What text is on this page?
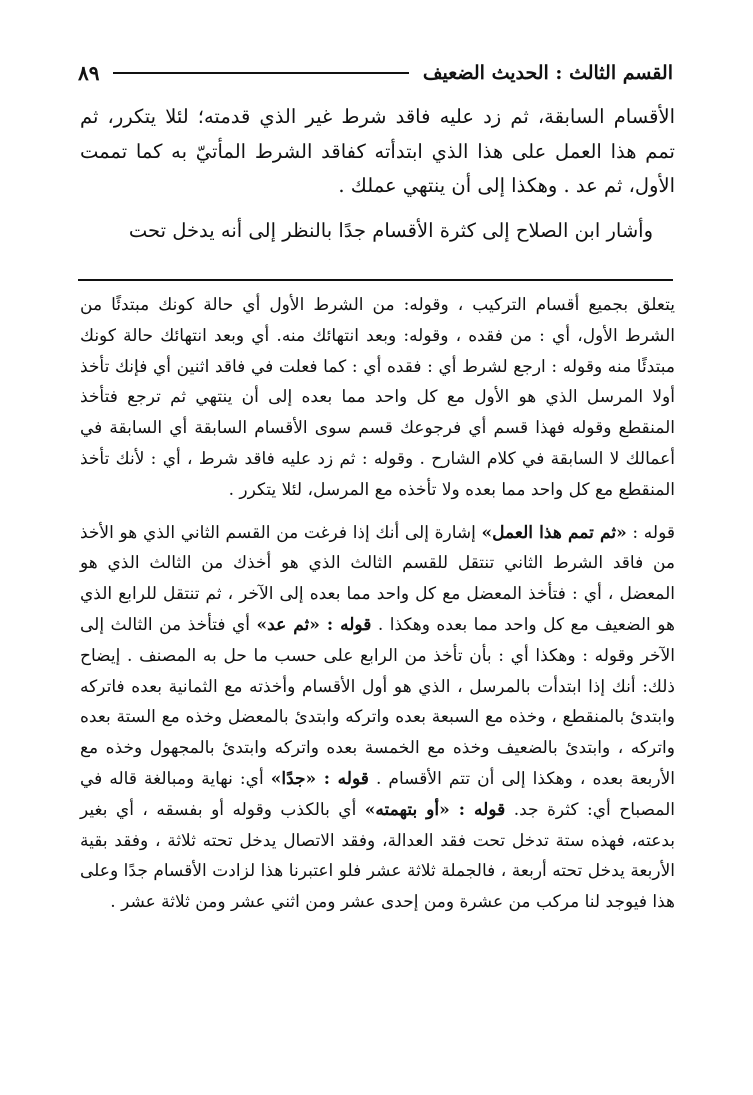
القسم الثالث : الحديث الضعيف
٨٩

الأقسام السابقة، ثم زد عليه فاقد شرط غير الذي قدمته؛ لئلا يتكرر، ثم تمم هذا العمل على هذا الذي ابتدأته كفاقد الشرط المأتيّ به كما تممت الأول، ثم عد . وهكذا إلى أن ينتهي عملك .

وأشار ابن الصلاح إلى كثرة الأقسام جدًا بالنظر إلى أنه يدخل تحت

يتعلق بجميع أقسام التركيب ، وقوله: من الشرط الأول أي حالة كونك مبتدئًا من الشرط الأول، أي : من فقده ، وقوله: وبعد انتهائك منه. أي وبعد انتهائك حالة كونك مبتدئًا منه وقوله : ارجع لشرط أي : فقده أي : كما فعلت في فاقد اثنين أي فإنك تأخذ أولا المرسل الذي هو الأول مع كل واحد مما بعده إلى أن ينتهي ثم ترجع فتأخذ المنقطع وقوله فهذا قسم أي فرجوعك قسم سوى الأقسام السابقة أي السابقة في أعمالك لا السابقة في كلام الشارح . وقوله : ثم زد عليه فاقد شرط ، أي : لأنك تأخذ المنقطع مع كل واحد مما بعده ولا تأخذه مع المرسل، لئلا يتكرر .

قوله : «ثم تمم هذا العمل» إشارة إلى أنك إذا فرغت من القسم الثاني الذي هو الأخذ من فاقد الشرط الثاني تنتقل للقسم الثالث الذي هو أخذك من الثالث الذي هو المعضل ، أي : فتأخذ المعضل مع كل واحد مما بعده إلى الآخر ، ثم تنتقل للرابع الذي هو الضعيف مع كل واحد مما بعده وهكذا . قوله : «ثم عد» أي فتأخذ من الثالث إلى الآخر وقوله : وهكذا أي : بأن تأخذ من الرابع على حسب ما حل به المصنف . إيضاح ذلك: أنك إذا ابتدأت بالمرسل ، الذي هو أول الأقسام وأخذته مع الثمانية بعده فاتركه وابتدئ بالمنقطع ، وخذه مع السبعة بعده واتركه وابتدئ بالمعضل وخذه مع الستة بعده واتركه ، وابتدئ بالضعيف وخذه مع الخمسة بعده واتركه وابتدئ بالمجهول وخذه مع الأربعة بعده ، وهكذا إلى أن تتم الأقسام . قوله : «جدًا» أي: نهاية ومبالغة قاله في المصباح أي: كثرة جد. قوله : «أو بتهمته» أي بالكذب وقوله أو بفسقه ، أي بغير بدعته، فهذه ستة تدخل تحت فقد العدالة، وفقد الاتصال يدخل تحته ثلاثة ، وفقد بقية الأربعة يدخل تحته أربعة ، فالجملة ثلاثة عشر فلو اعتبرنا هذا لزادت الأقسام جدًا وعلى هذا فيوجد لنا مركب من عشرة ومن إحدى عشر ومن اثني عشر ومن ثلاثة عشر .
